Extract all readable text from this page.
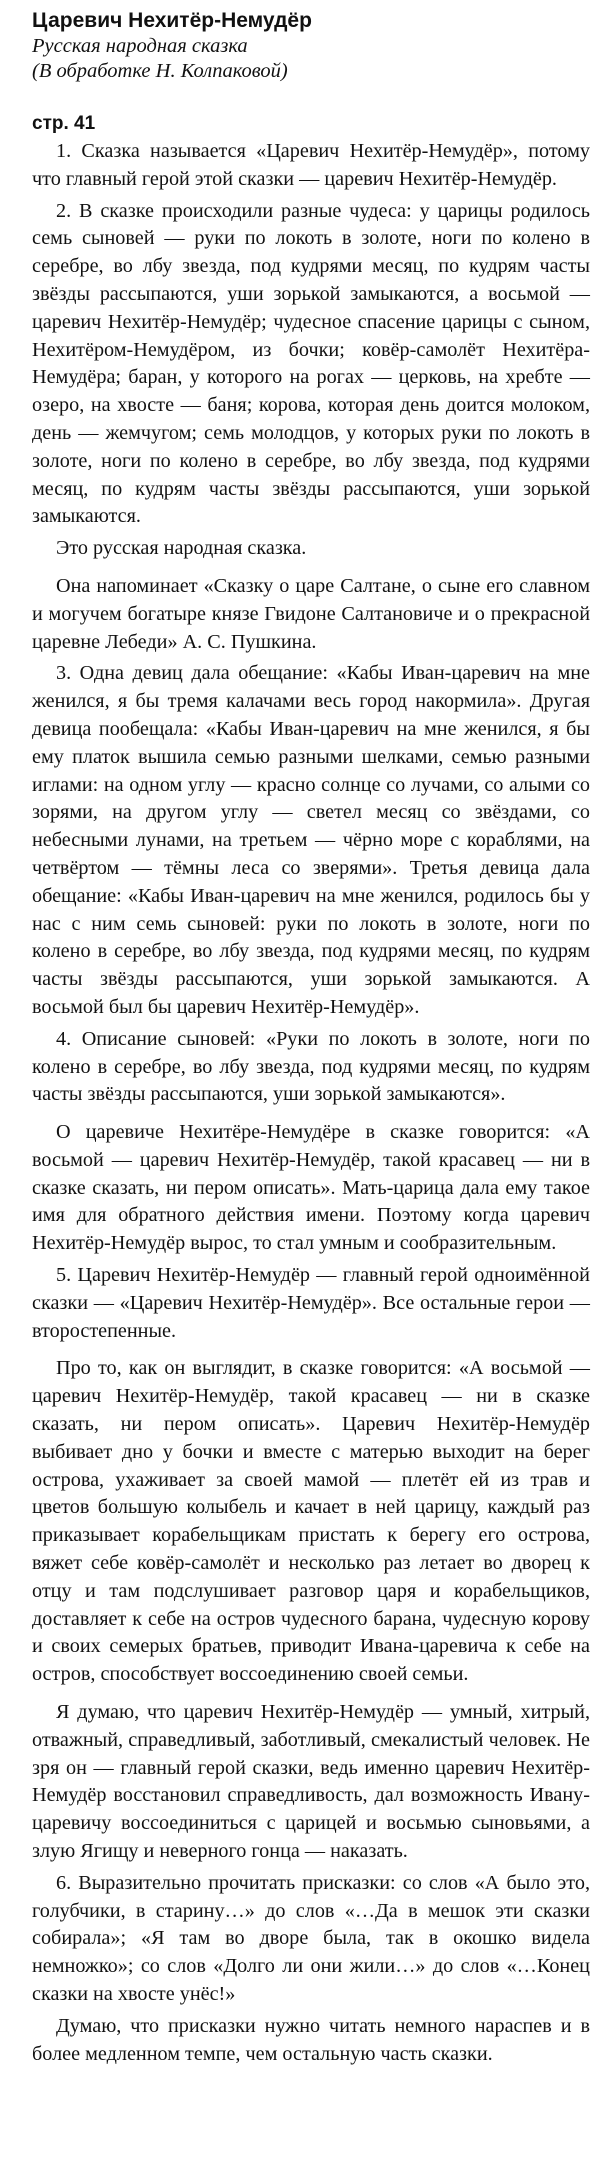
Царевич Нехитёр-Немудёр

Русская народная сказка

(В обработке Н. Колпаковой)

стр. 41

1. Сказка называется «Царевич Нехитёр-Немудёр», потому что главный герой этой сказки — царевич Нехитёр-Немудёр.

2. В сказке происходили разные чудеса: у царицы родилось семь сыновей — руки по локоть в золоте, ноги по колено в серебре, во лбу звезда, под кудрями месяц, по кудрям часты звёзды рассыпаются, уши зорькой замыкаются, а восьмой — царевич Нехитёр-Немудёр; чудесное спасение царицы с сыном, Нехитёром-Немудёром, из бочки; ковёр-самолёт Нехитёра-Немудёра; баран, у которого на рогах — церковь, на хребте — озеро, на хвосте — баня; корова, которая день доится молоком, день — жемчугом; семь молодцов, у которых руки по локоть в золоте, ноги по колено в серебре, во лбу звезда, под кудрями месяц, по кудрям часты звёзды рассыпаются, уши зорькой замыкаются.

Это русская народная сказка.

Она напоминает «Сказку о царе Салтане, о сыне его славном и могучем богатыре князе Гвидоне Салтановиче и о прекрасной царевне Лебеди» А. С. Пушкина.

3. Одна девиц дала обещание: «Кабы Иван-царевич на мне женился, я бы тремя калачами весь город накормила». Другая девица пообещала: «Кабы Иван-царевич на мне женился, я бы ему платок вышила семью разными шелками, семью разными иглами: на одном углу — красно солнце со лучами, со алыми со зорями, на другом углу — светел месяц со звёздами, со небесными лунами, на третьем — чёрно море с кораблями, на четвёртом — тёмны леса со зверями». Третья девица дала обещание: «Кабы Иван-царевич на мне женился, родилось бы у нас с ним семь сыновей: руки по локоть в золоте, ноги по колено в серебре, во лбу звезда, под кудрями месяц, по кудрям часты звёзды рассыпаются, уши зорькой замыкаются. А восьмой был бы царевич Нехитёр-Немудёр».

4. Описание сыновей: «Руки по локоть в золоте, ноги по колено в серебре, во лбу звезда, под кудрями месяц, по кудрям часты звёзды рассыпаются, уши зорькой замыкаются».

О царевиче Нехитёре-Немудёре в сказке говорится: «А восьмой — царевич Нехитёр-Немудёр, такой красавец — ни в сказке сказать, ни пером описать». Мать-царица дала ему такое имя для обратного действия имени. Поэтому когда царевич Нехитёр-Немудёр вырос, то стал умным и сообразительным.

5. Царевич Нехитёр-Немудёр — главный герой одноимённой сказки — «Царевич Нехитёр-Немудёр». Все остальные герои — второстепенные.

Про то, как он выглядит, в сказке говорится: «А восьмой — царевич Нехитёр-Немудёр, такой красавец — ни в сказке сказать, ни пером описать». Царевич Нехитёр-Немудёр выбивает дно у бочки и вместе с матерью выходит на берег острова, ухаживает за своей мамой — плетёт ей из трав и цветов большую колыбель и качает в ней царицу, каждый раз приказывает корабельщикам пристать к берегу его острова, вяжет себе ковёр-самолёт и несколько раз летает во дворец к отцу и там подслушивает разговор царя и корабельщиков, доставляет к себе на остров чудесного барана, чудесную корову и своих семерых братьев, приводит Ивана-царевича к себе на остров, способствует воссоединению своей семьи.

Я думаю, что царевич Нехитёр-Немудёр — умный, хитрый, отважный, справедливый, заботливый, смекалистый человек. Не зря он — главный герой сказки, ведь именно царевич Нехитёр-Немудёр восстановил справедливость, дал возможность Ивану-царевичу воссоединиться с царицей и восьмью сыновьями, а злую Ягищу и неверного гонца — наказать.

6. Выразительно прочитать присказки: со слов «А было это, голубчики, в старину…» до слов «…Да в мешок эти сказки собирала»; «Я там во дворе была, так в окошко видела немножко»; со слов «Долго ли они жили…» до слов «…Конец сказки на хвосте унёс!»

Думаю, что присказки нужно читать немного нараспев и в более медленном темпе, чем остальную часть сказки.
